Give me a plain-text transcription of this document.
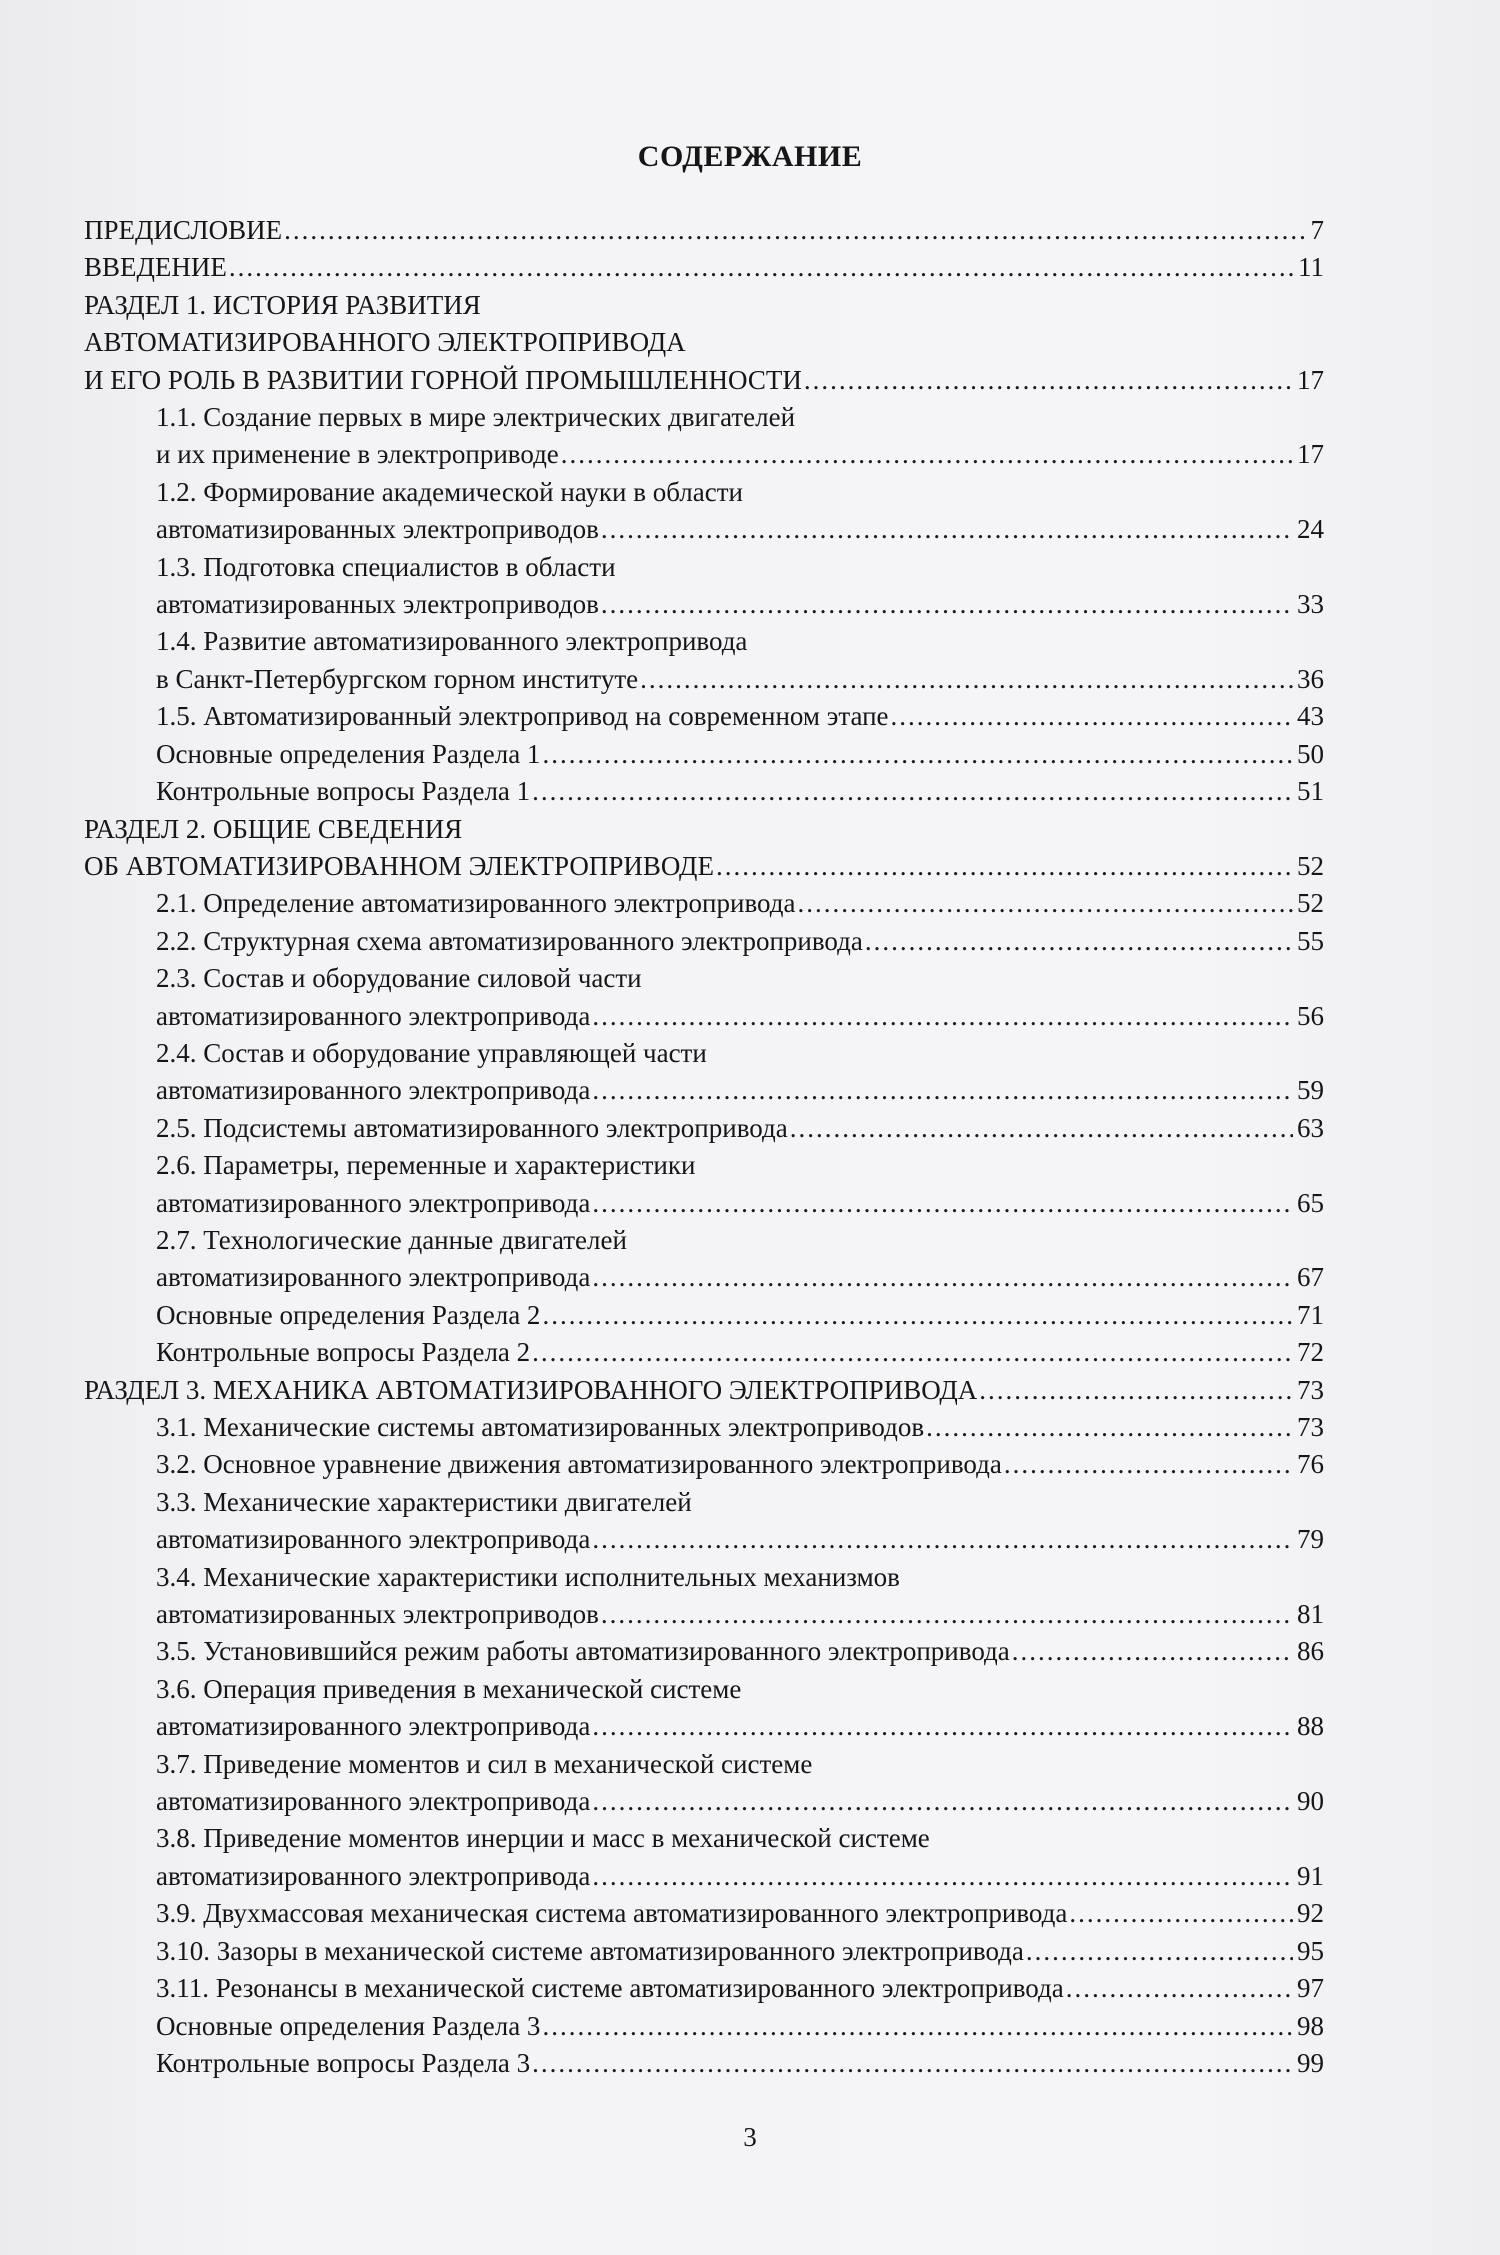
СОДЕРЖАНИЕ
ПРЕДИСЛОВИЕ .....	7
ВВЕДЕНИЕ .....	11
РАЗДЕЛ 1. ИСТОРИЯ РАЗВИТИЯ
АВТОМАТИЗИРОВАННОГО ЭЛЕКТРОПРИВОДА
И ЕГО РОЛЬ В РАЗВИТИИ ГОРНОЙ ПРОМЫШЛЕННОСТИ .....	17
1.1. Создание первых в мире электрических двигателей
и их применение в электроприводе .....	17
1.2. Формирование академической науки в области
автоматизированных электроприводов .....	24
1.3. Подготовка специалистов в области
автоматизированных электроприводов .....	33
1.4. Развитие автоматизированного электропривода
в Санкт-Петербургском горном институте .....	36
1.5. Автоматизированный электропривод на современном этапе .....	43
Основные определения Раздела 1 .....	50
Контрольные вопросы Раздела 1 .....	51
РАЗДЕЛ 2. ОБЩИЕ СВЕДЕНИЯ
ОБ АВТОМАТИЗИРОВАННОМ ЭЛЕКТРОПРИВОДЕ .....	52
2.1. Определение автоматизированного электропривода .....	52
2.2. Структурная схема автоматизированного электропривода .....	55
2.3. Состав и оборудование силовой части
автоматизированного электропривода .....	56
2.4. Состав и оборудование управляющей части
автоматизированного электропривода .....	59
2.5. Подсистемы автоматизированного электропривода .....	63
2.6. Параметры, переменные и характеристики
автоматизированного электропривода .....	65
2.7. Технологические данные двигателей
автоматизированного электропривода .....	67
Основные определения Раздела 2 .....	71
Контрольные вопросы Раздела 2 .....	72
РАЗДЕЛ 3. МЕХАНИКА АВТОМАТИЗИРОВАННОГО ЭЛЕКТРОПРИВОДА .....	73
3.1. Механические системы автоматизированных электроприводов .....	73
3.2. Основное уравнение движения автоматизированного электропривода .....	76
3.3. Механические характеристики двигателей
автоматизированного электропривода .....	79
3.4. Механические характеристики исполнительных механизмов
автоматизированных электроприводов .....	81
3.5. Установившийся режим работы автоматизированного электропривода .....	86
3.6. Операция приведения в механической системе
автоматизированного электропривода .....	88
3.7. Приведение моментов и сил в механической системе
автоматизированного электропривода .....	90
3.8. Приведение моментов инерции и масс в механической системе
автоматизированного электропривода .....	91
3.9. Двухмассовая механическая система автоматизированного электропривода .....	92
3.10. Зазоры в механической системе автоматизированного электропривода .....	95
3.11. Резонансы в механической системе автоматизированного электропривода .....	97
Основные определения Раздела 3 .....	98
Контрольные вопросы Раздела 3 .....	99
3
